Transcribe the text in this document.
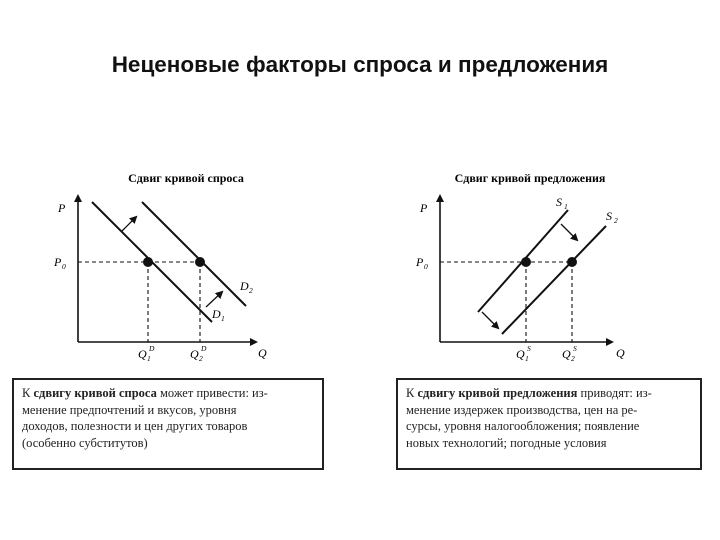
Неценовые факторы спроса и предложения
Сдвиг кривой спроса
P
Q
P 0
D 2
D 1
Q 1
D	Q 2
D
Сдвиг кривой предложения
P
Q
P 0
S 1
S 2
Q 1
S	Q 2
S
К сдвигу кривой спроса может привести: из-
менение предпочтений и вкусов, уровня
доходов, полезности и цен других товаров
(особенно субститутов)
К сдвигу кривой предложения приводят: из-
менение издержек производства, цен на ре-
сурсы, уровня налогообложения; появление
новых технологий; погодные условия
